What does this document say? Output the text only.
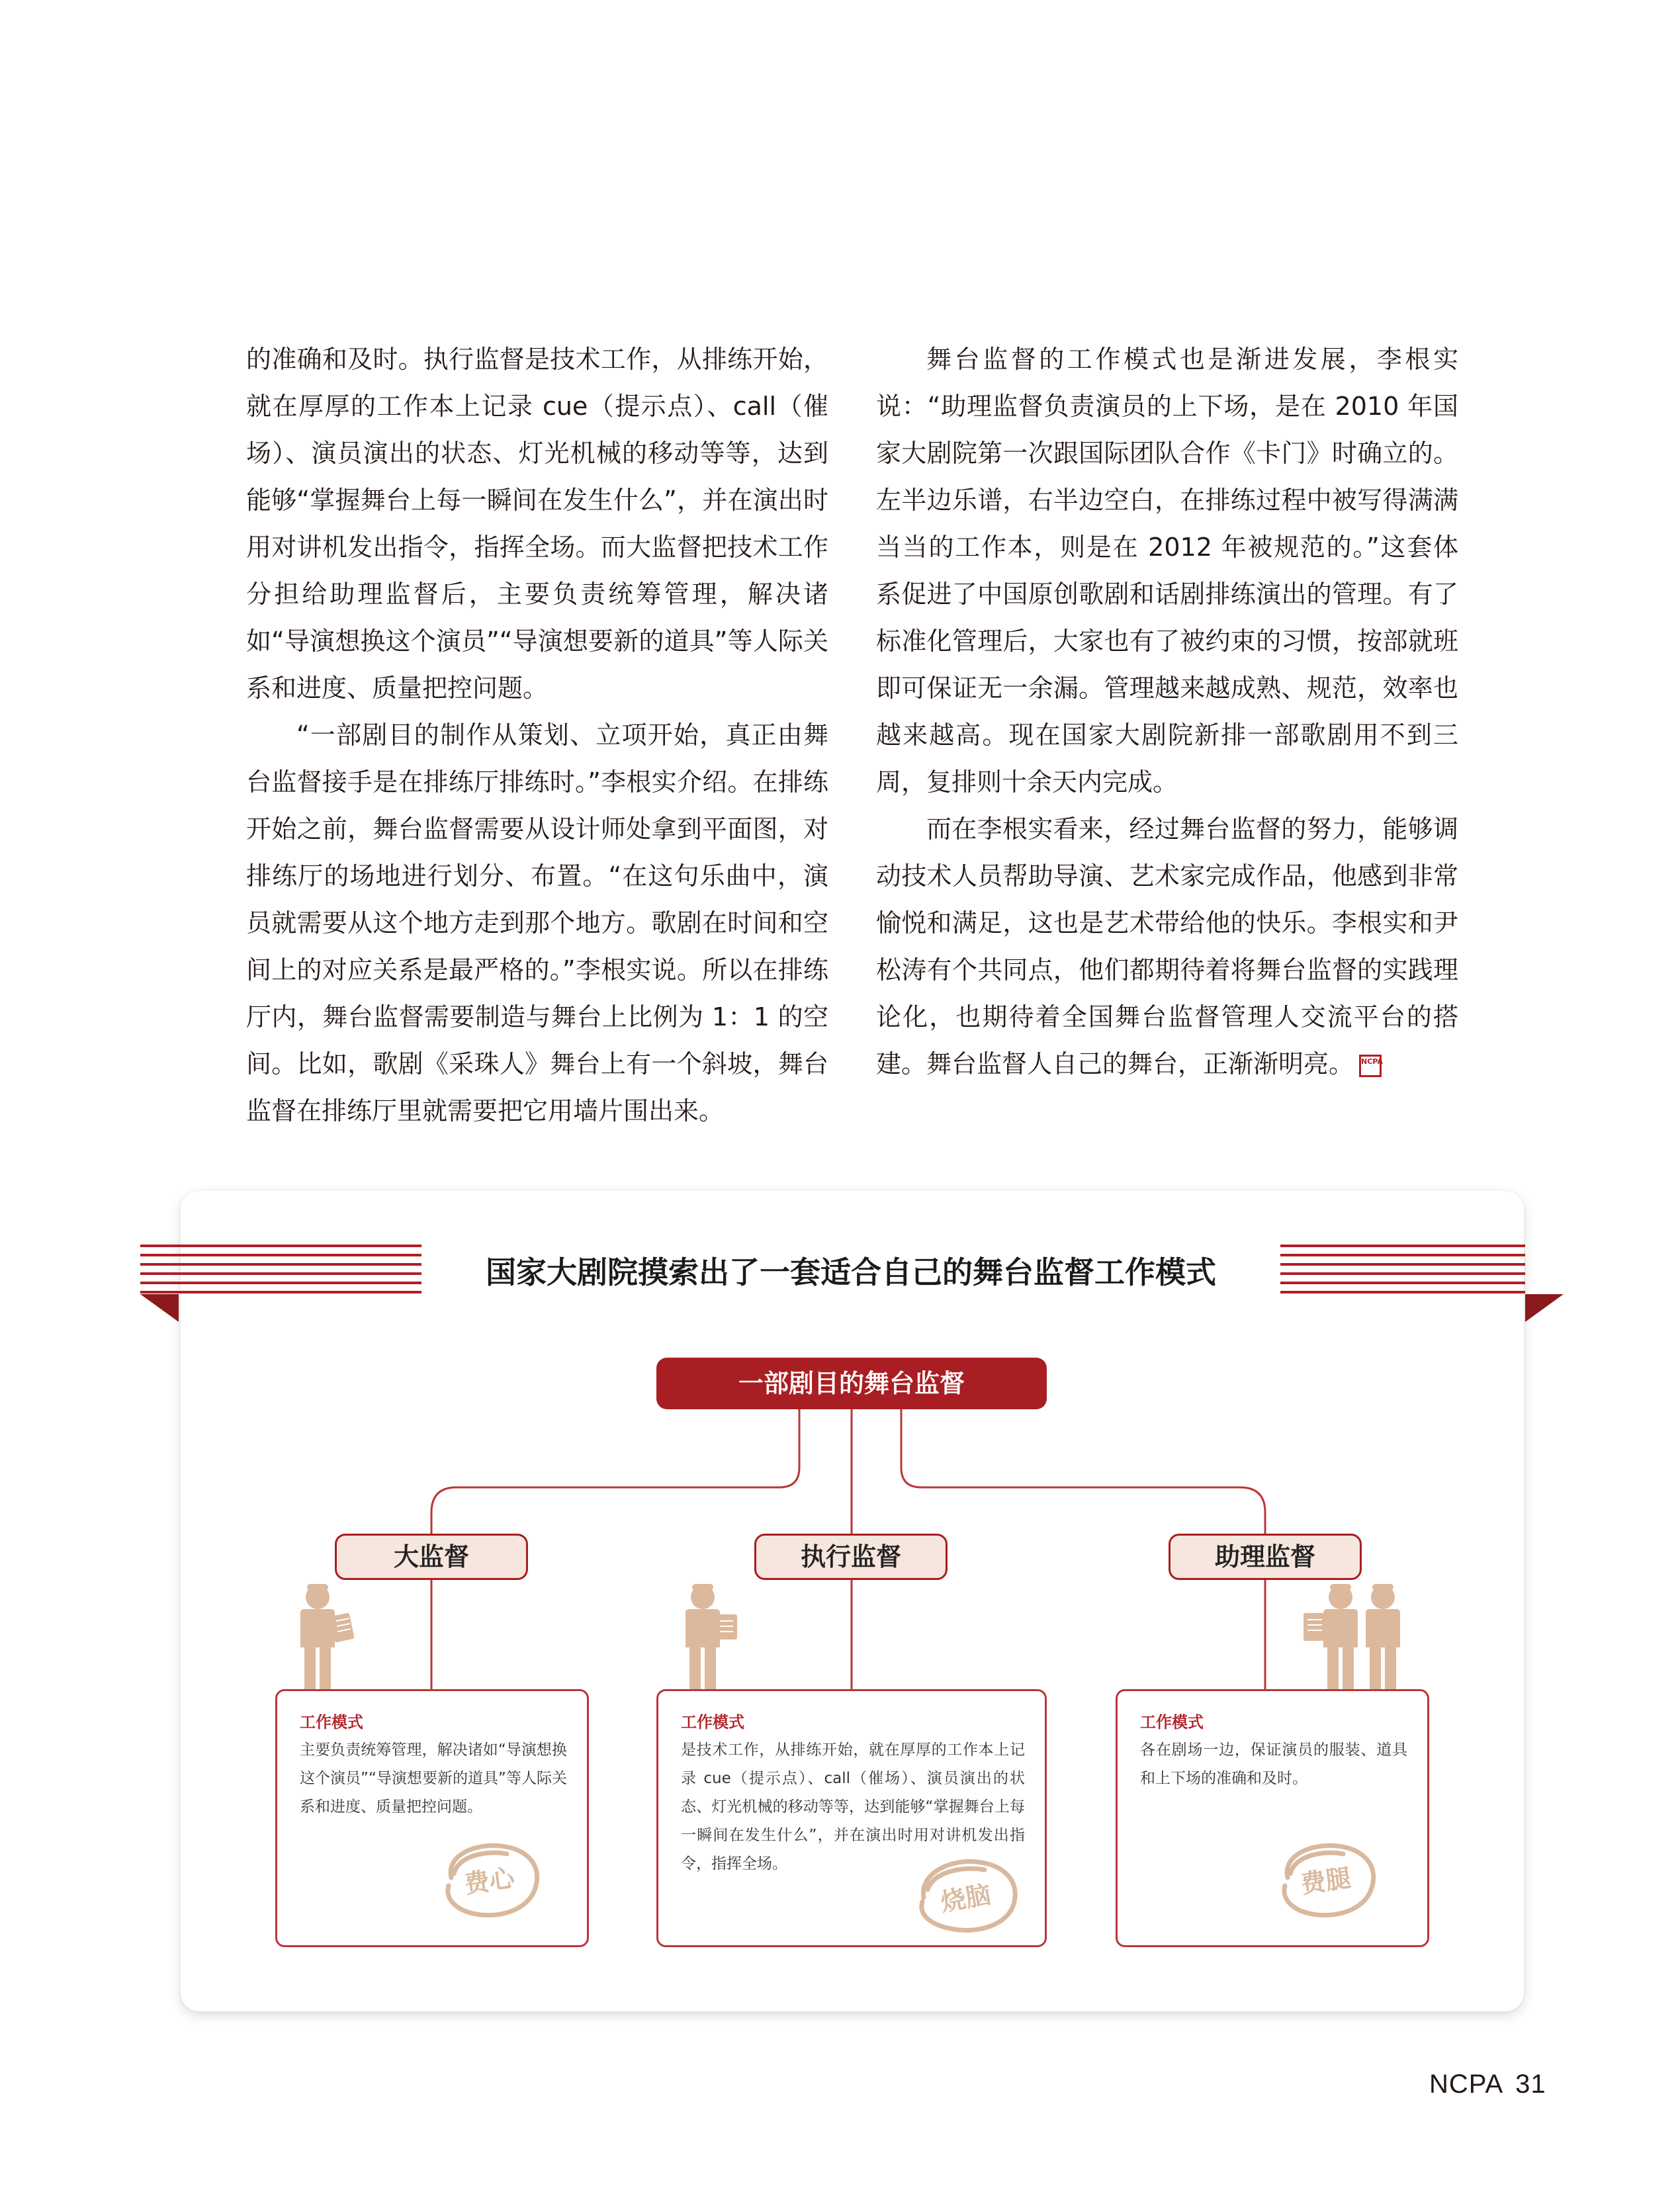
的准确和及时。执行监督是技术工作，从排练开始，就在厚厚的工作本上记录 cue（提示点）、call（催场）、演员演出的状态、灯光机械的移动等等，达到能够“掌握舞台上每一瞬间在发生什么”，并在演出时用对讲机发出指令，指挥全场。而大监督把技术工作分担给助理监督后，主要负责统筹管理，解决诸如“导演想换这个演员”“导演想要新的道具”等人际关系和进度、质量把控问题。

“一部剧目的制作从策划、立项开始，真正由舞台监督接手是在排练厅排练时。”李根实介绍。在排练开始之前，舞台监督需要从设计师处拿到平面图，对排练厅的场地进行划分、布置。“在这句乐曲中，演员就需要从这个地方走到那个地方。歌剧在时间和空间上的对应关系是最严格的。”李根实说。所以在排练厅内，舞台监督需要制造与舞台上比例为 1：1 的空间。比如，歌剧《采珠人》舞台上有一个斜坡，舞台监督在排练厅里就需要把它用墙片围出来。

舞台监督的工作模式也是渐进发展，李根实说：“助理监督负责演员的上下场，是在 2010 年国家大剧院第一次跟国际团队合作《卡门》时确立的。左半边乐谱，右半边空白，在排练过程中被写得满满当当的工作本，则是在 2012 年被规范的。”这套体系促进了中国原创歌剧和话剧排练演出的管理。有了标准化管理后，大家也有了被约束的习惯，按部就班即可保证无一余漏。管理越来越成熟、规范，效率也越来越高。现在国家大剧院新排一部歌剧用不到三周，复排则十余天内完成。

而在李根实看来，经过舞台监督的努力，能够调动技术人员帮助导演、艺术家完成作品，他感到非常愉悦和满足，这也是艺术带给他的快乐。李根实和尹松涛有个共同点，他们都期待着将舞台监督的实践理论化，也期待着全国舞台监督管理人交流平台的搭建。舞台监督人自己的舞台，正渐渐明亮。 NCPA

国家大剧院摸索出了一套适合自己的舞台监督工作模式
一部剧目的舞台监督
大监督	执行监督	助理监督
工作模式

主要负责统筹管理，解决诸如“导演想换这个演员”“导演想要新的道具”等人际关系和进度、质量把控问题。

工作模式

是技术工作，从排练开始，就在厚厚的工作本上记录 cue（提示点）、call（催场）、演员演出的状态、灯光机械的移动等等，达到能够“掌握舞台上每一瞬间在发生什么”，并在演出时用对讲机发出指令，指挥全场。

工作模式

各在剧场一边，保证演员的服装、道具和上下场的准确和及时。

费心	烧脑	费腿
NCPA 31
